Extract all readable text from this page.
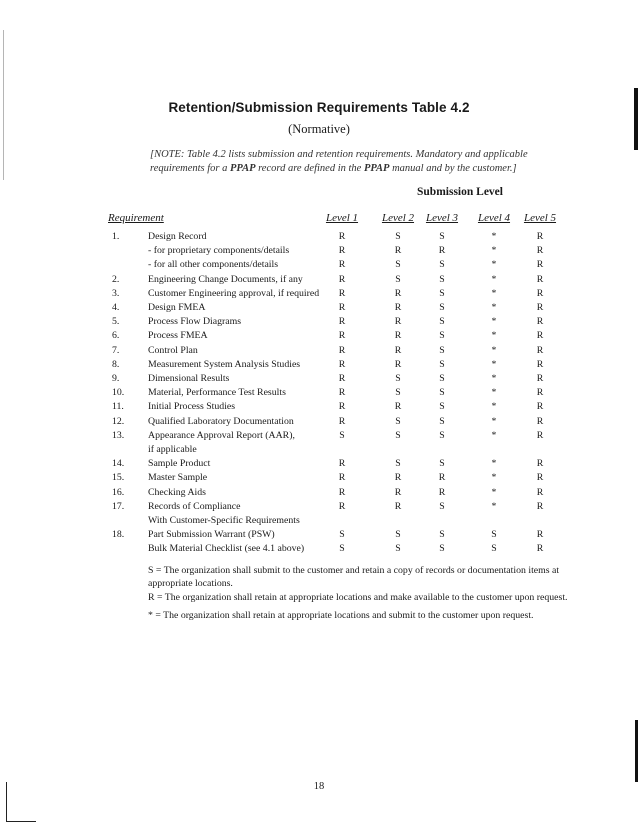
Retention/Submission Requirements Table 4.2
(Normative)
[NOTE: Table 4.2 lists submission and retention requirements. Mandatory and applicable requirements for a PPAP record are defined in the PPAP manual and by the customer.]
Submission Level
Requirement	Level 1	Level 2	Level 3	Level 4	Level 5
1.	Design Record	R	S	S	*	R
- for proprietary components/details	R	R	R	*	R
- for all other components/details	R	S	S	*	R
2.	Engineering Change Documents, if any	R	S	S	*	R
3.	Customer Engineering approval, if required	R	R	S	*	R
4.	Design FMEA	R	R	S	*	R
5.	Process Flow Diagrams	R	R	S	*	R
6.	Process FMEA	R	R	S	*	R
7.	Control Plan	R	R	S	*	R
8.	Measurement System Analysis Studies	R	R	S	*	R
9.	Dimensional Results	R	S	S	*	R
10. Material, Performance Test Results	R	S	S	*	R
11. Initial Process Studies	R	R	S	*	R
12. Qualified Laboratory Documentation	R	S	S	*	R
13. Appearance Approval Report (AAR),	S	S	S	*	R
if applicable
14. Sample Product	R	S	S	*	R
15. Master Sample	R	R	R	*	R
16. Checking Aids	R	R	R	*	R
17. Records of Compliance	R	R	S	*	R
With Customer-Specific Requirements
18. Part Submission Warrant (PSW)	S	S	S	S	R
Bulk Material Checklist (see 4.1 above)	S	S	S	S	R
S = The organization shall submit to the customer and retain a copy of records or documentation items at appropriate locations.
R = The organization shall retain at appropriate locations and make available to the customer upon request.
* = The organization shall retain at appropriate locations and submit to the customer upon request.
18
